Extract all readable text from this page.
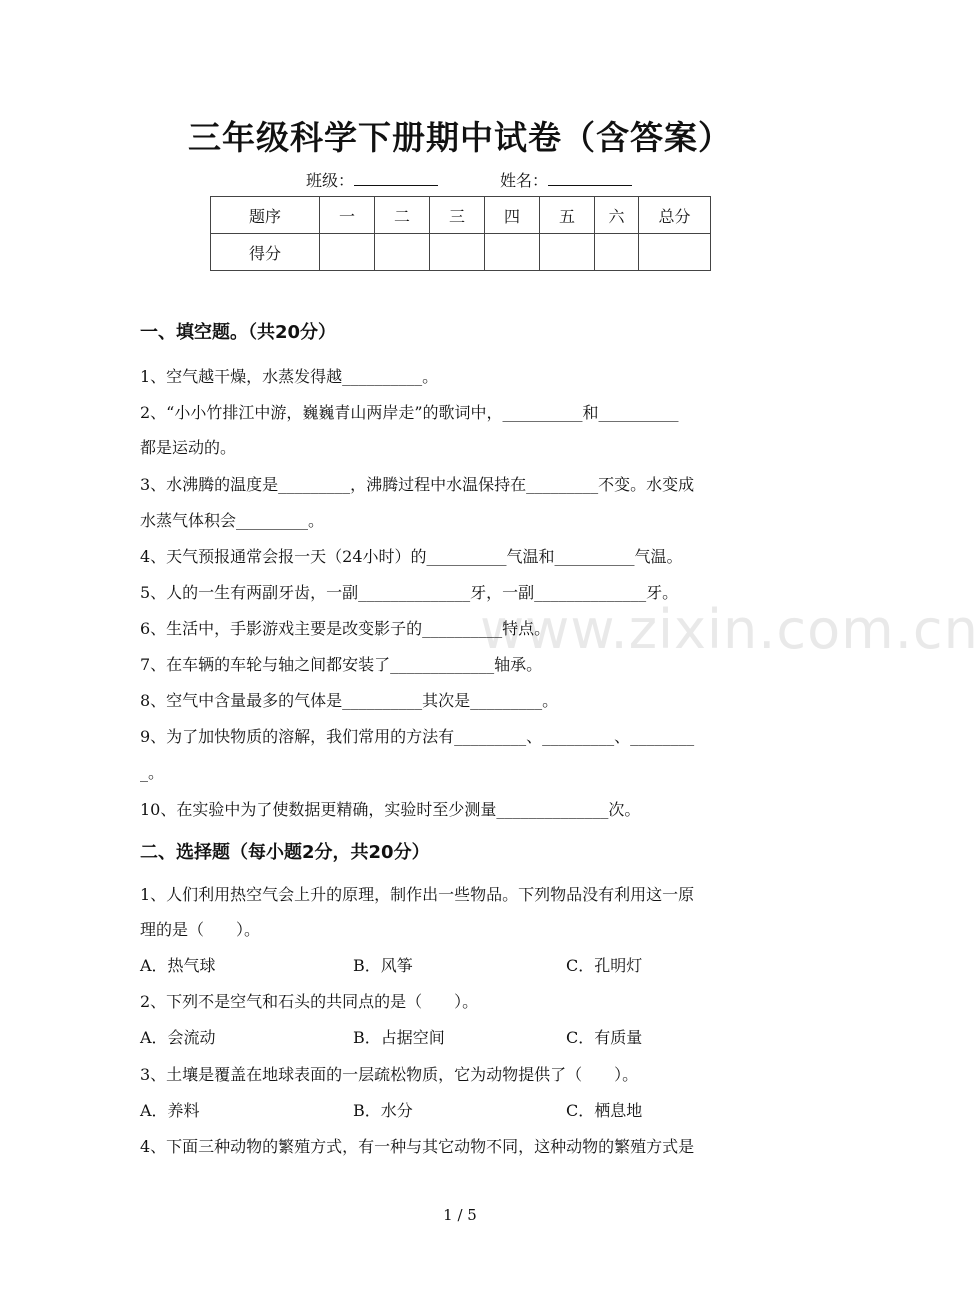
三年级科学下册期中试卷（含答案）
班级：	姓名：
题序	一	二	三	四	五	六	总分
得分							
www.zixin.com.cn
一、填空题。（共20分）
1、空气越干燥，水蒸发得越__________。
2、“小小竹排江中游，巍巍青山两岸走”的歌词中，__________和__________
都是运动的。
3、水沸腾的温度是_________，沸腾过程中水温保持在_________不变。水变成
水蒸气体积会_________。
4、天气预报通常会报一天（24小时）的__________气温和__________气温。
5、人的一生有两副牙齿，一副______________牙，一副______________牙。
6、生活中，手影游戏主要是改变影子的__________特点。
7、在车辆的车轮与轴之间都安装了_____________轴承。
8、空气中含量最多的气体是__________其次是_________。
9、为了加快物质的溶解，我们常用的方法有_________、_________、________
_。
10、在实验中为了使数据更精确，实验时至少测量______________次。
二、选择题（每小题2分，共20分）
1、人们利用热空气会上升的原理，制作出一些物品。下列物品没有利用这一原
理的是（　　）。
A．热气球	B．风筝	C．孔明灯
2、下列不是空气和石头的共同点的是（　　）。
A．会流动	B．占据空间	C．有质量
3、土壤是覆盖在地球表面的一层疏松物质，它为动物提供了（　　）。
A．养料	B．水分	C．栖息地
4、下面三种动物的繁殖方式，有一种与其它动物不同，这种动物的繁殖方式是
1 / 5
